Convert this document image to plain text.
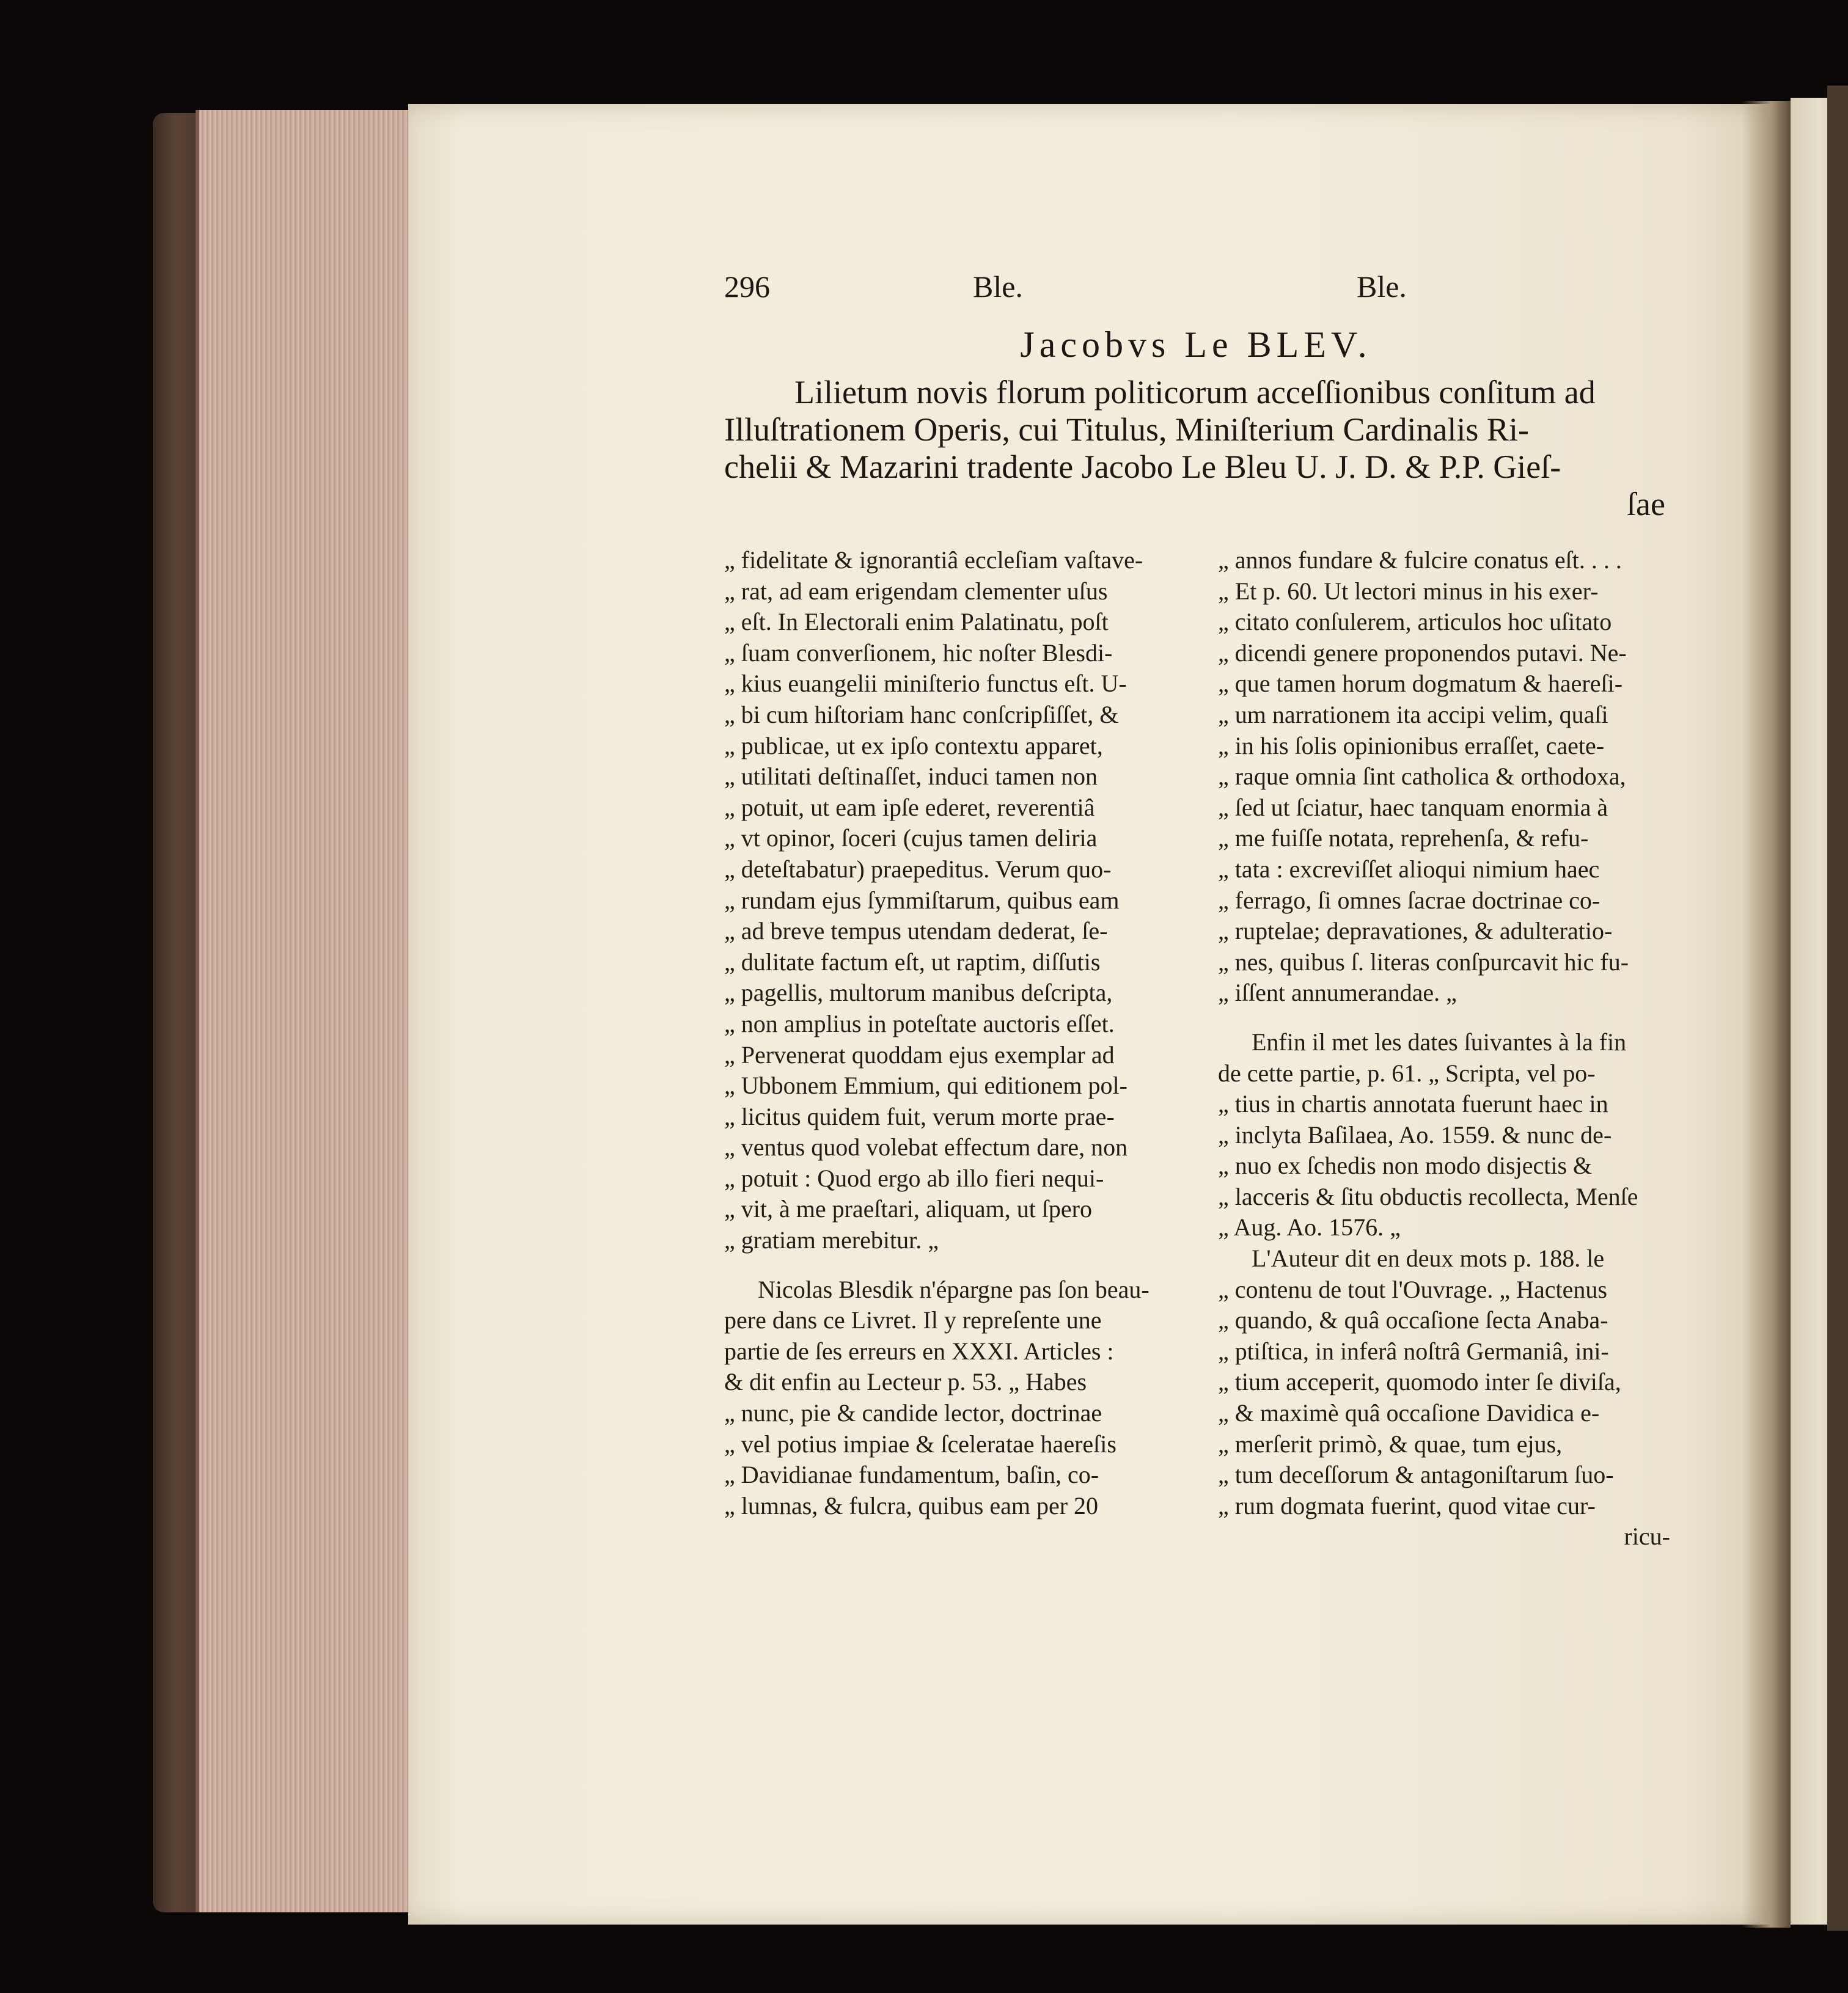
296	Ble.	Ble.
Jacobvs Le BLEV.
Lilietum novis florum politicorum acceſſionibus conſitum ad
Illuſtrationem Operis, cui Titulus, Miniſterium Cardinalis Ri-
chelii & Mazarini tradente Jacobo Le Bleu U. J. D. & P.P. Gieſ-
ſae
„ fidelitate & ignorantiâ eccleſiam vaſtave-
„ rat, ad eam erigendam clementer uſus
„ eſt. In Electorali enim Palatinatu, poſt
„ ſuam converſionem, hic noſter Blesdi-
„ kius euangelii miniſterio functus eſt. U-
„ bi cum hiſtoriam hanc conſcripſiſſet, &
„ publicae, ut ex ipſo contextu apparet,
„ utilitati deſtinaſſet, induci tamen non
„ potuit, ut eam ipſe ederet, reverentiâ
„ vt opinor, ſoceri (cujus tamen deliria
„ deteſtabatur) praepeditus. Verum quo-
„ rundam ejus ſymmiſtarum, quibus eam
„ ad breve tempus utendam dederat, ſe-
„ dulitate factum eſt, ut raptim, diſſutis
„ pagellis, multorum manibus deſcripta,
„ non amplius in poteſtate auctoris eſſet.
„ Pervenerat quoddam ejus exemplar ad
„ Ubbonem Emmium, qui editionem pol-
„ licitus quidem fuit, verum morte prae-
„ ventus quod volebat effectum dare, non
„ potuit : Quod ergo ab illo fieri nequi-
„ vit, à me praeſtari, aliquam, ut ſpero
„ gratiam merebitur. „
Nicolas Blesdik n'épargne pas ſon beau-
pere dans ce Livret. Il y repreſente une
partie de ſes erreurs en XXXI. Articles :
& dit enfin au Lecteur p. 53. „ Habes
„ nunc, pie & candide lector, doctrinae
„ vel potius impiae & ſceleratae haereſis
„ Davidianae fundamentum, baſin, co-
„ lumnas, & fulcra, quibus eam per 20
„ annos fundare & fulcire conatus eſt. . . .
„ Et p. 60. Ut lectori minus in his exer-
„ citato conſulerem, articulos hoc uſitato
„ dicendi genere proponendos putavi. Ne-
„ que tamen horum dogmatum & haereſi-
„ um narrationem ita accipi velim, quaſi
„ in his ſolis opinionibus erraſſet, caete-
„ raque omnia ſint catholica & orthodoxa,
„ ſed ut ſciatur, haec tanquam enormia à
„ me fuiſſe notata, reprehenſa, & refu-
„ tata : excreviſſet alioqui nimium haec
„ ferrago, ſi omnes ſacrae doctrinae co-
„ ruptelae; depravationes, & adulteratio-
„ nes, quibus ſ. literas conſpurcavit hic fu-
„ iſſent annumerandae. „
Enfin il met les dates ſuivantes à la fin
de cette partie, p. 61. „ Scripta, vel po-
„ tius in chartis annotata fuerunt haec in
„ inclyta Baſilaea, Ao. 1559. & nunc de-
„ nuo ex ſchedis non modo disjectis &
„ lacceris & ſitu obductis recollecta, Menſe
„ Aug. Ao. 1576. „
L'Auteur dit en deux mots p. 188. le
„ contenu de tout l'Ouvrage. „ Hactenus
„ quando, & quâ occaſione ſecta Anaba-
„ ptiſtica, in inferâ noſtrâ Germaniâ, ini-
„ tium acceperit, quomodo inter ſe diviſa,
„ & maximè quâ occaſione Davidica e-
„ merſerit primò, & quae, tum ejus,
„ tum deceſſorum & antagoniſtarum ſuo-
„ rum dogmata fuerint, quod vitae cur-
ricu-
